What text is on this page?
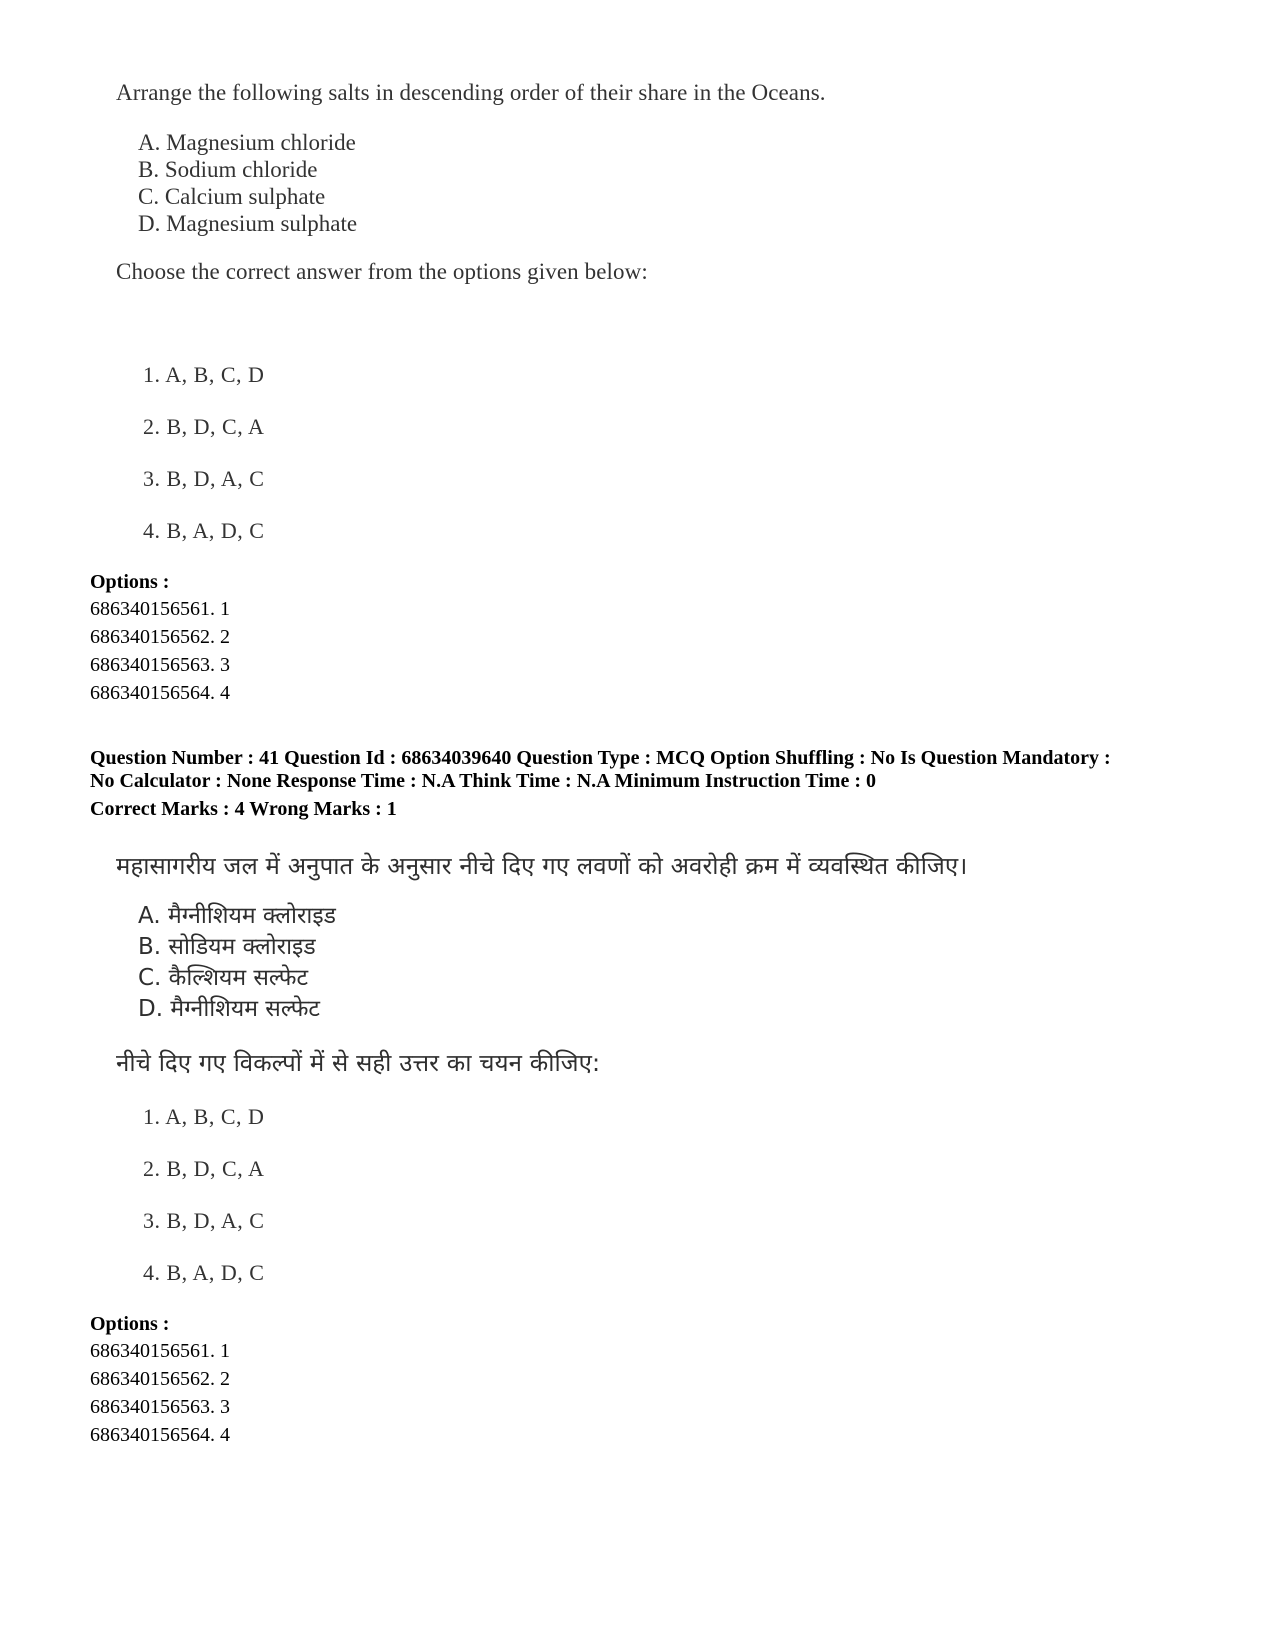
Arrange the following salts in descending order of their share in the Oceans.
A. Magnesium chloride
B. Sodium chloride
C. Calcium sulphate
D. Magnesium sulphate
Choose the correct answer from the options given below:
1. A, B, C, D
2. B, D, C, A
3. B, D, A, C
4. B, A, D, C
Options :
686340156561. 1
686340156562. 2
686340156563. 3
686340156564. 4
Question Number : 41 Question Id : 68634039640 Question Type : MCQ Option Shuffling : No Is Question Mandatory :
No Calculator : None Response Time : N.A Think Time : N.A Minimum Instruction Time : 0
Correct Marks : 4 Wrong Marks : 1
महासागरीय जल में अनुपात के अनुसार नीचे दिए गए लवणों को अवरोही क्रम में व्यवस्थित कीजिए।
A. मैग्नीशियम क्लोराइड
B. सोडियम क्लोराइड
C. कैल्शियम सल्फेट
D. मैग्नीशियम सल्फेट
नीचे दिए गए विकल्पों में से सही उत्तर का चयन कीजिए:
1. A, B, C, D
2. B, D, C, A
3. B, D, A, C
4. B, A, D, C
Options :
686340156561. 1
686340156562. 2
686340156563. 3
686340156564. 4
